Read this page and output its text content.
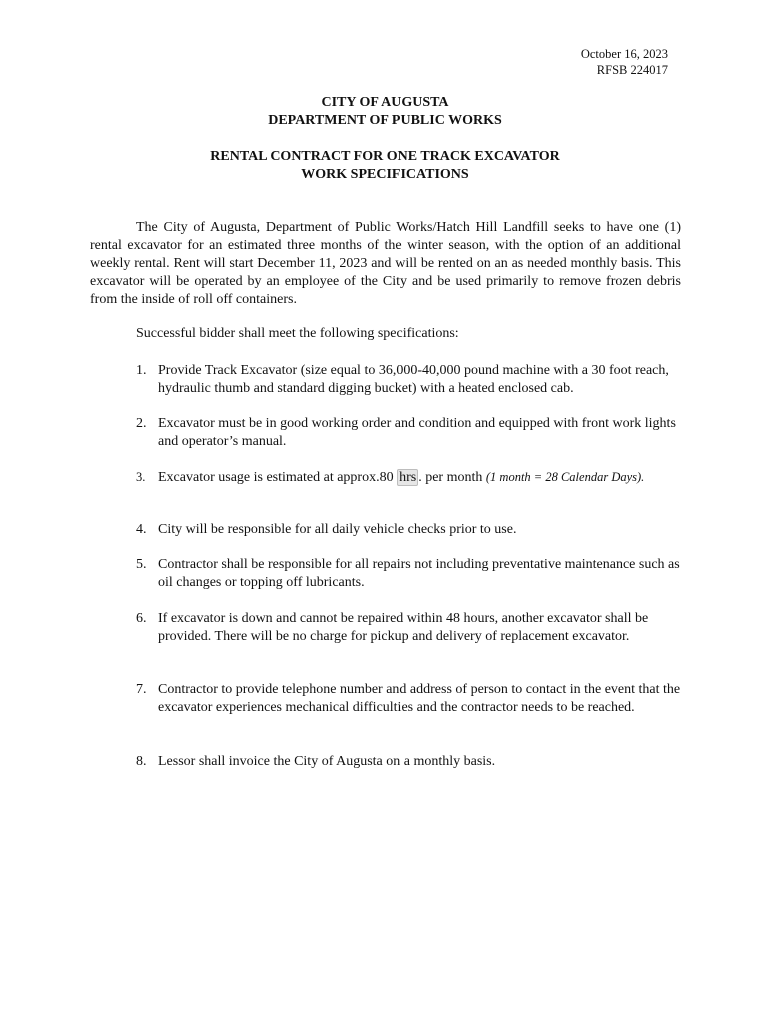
October 16, 2023
RFSB 224017
CITY OF AUGUSTA
DEPARTMENT OF PUBLIC WORKS
RENTAL CONTRACT FOR ONE TRACK EXCAVATOR
WORK SPECIFICATIONS

The City of Augusta, Department of Public Works/Hatch Hill Landfill seeks to have one (1) rental excavator for an estimated three months of the winter season, with the option of an additional weekly rental. Rent will start December 11, 2023 and will be rented on an as needed monthly basis. This excavator will be operated by an employee of the City and be used primarily to remove frozen debris from the inside of roll off containers.

Successful bidder shall meet the following specifications:
1. Provide Track Excavator (size equal to 36,000-40,000 pound machine with a 30 foot reach, hydraulic thumb and standard digging bucket) with a heated enclosed cab.
2. Excavator must be in good working order and condition and equipped with front work lights and operator’s manual.
3. Excavator usage is estimated at approx.80 hrs . per month (1 month = 28 Calendar Days).
4. City will be responsible for all daily vehicle checks prior to use.
5. Contractor shall be responsible for all repairs not including preventative maintenance such as oil changes or topping off lubricants.
6. If excavator is down and cannot be repaired within 48 hours, another excavator shall be provided. There will be no charge for pickup and delivery of replacement excavator.
7. Contractor to provide telephone number and address of person to contact in the event that the excavator experiences mechanical difficulties and the contractor needs to be reached.
8. Lessor shall invoice the City of Augusta on a monthly basis.
